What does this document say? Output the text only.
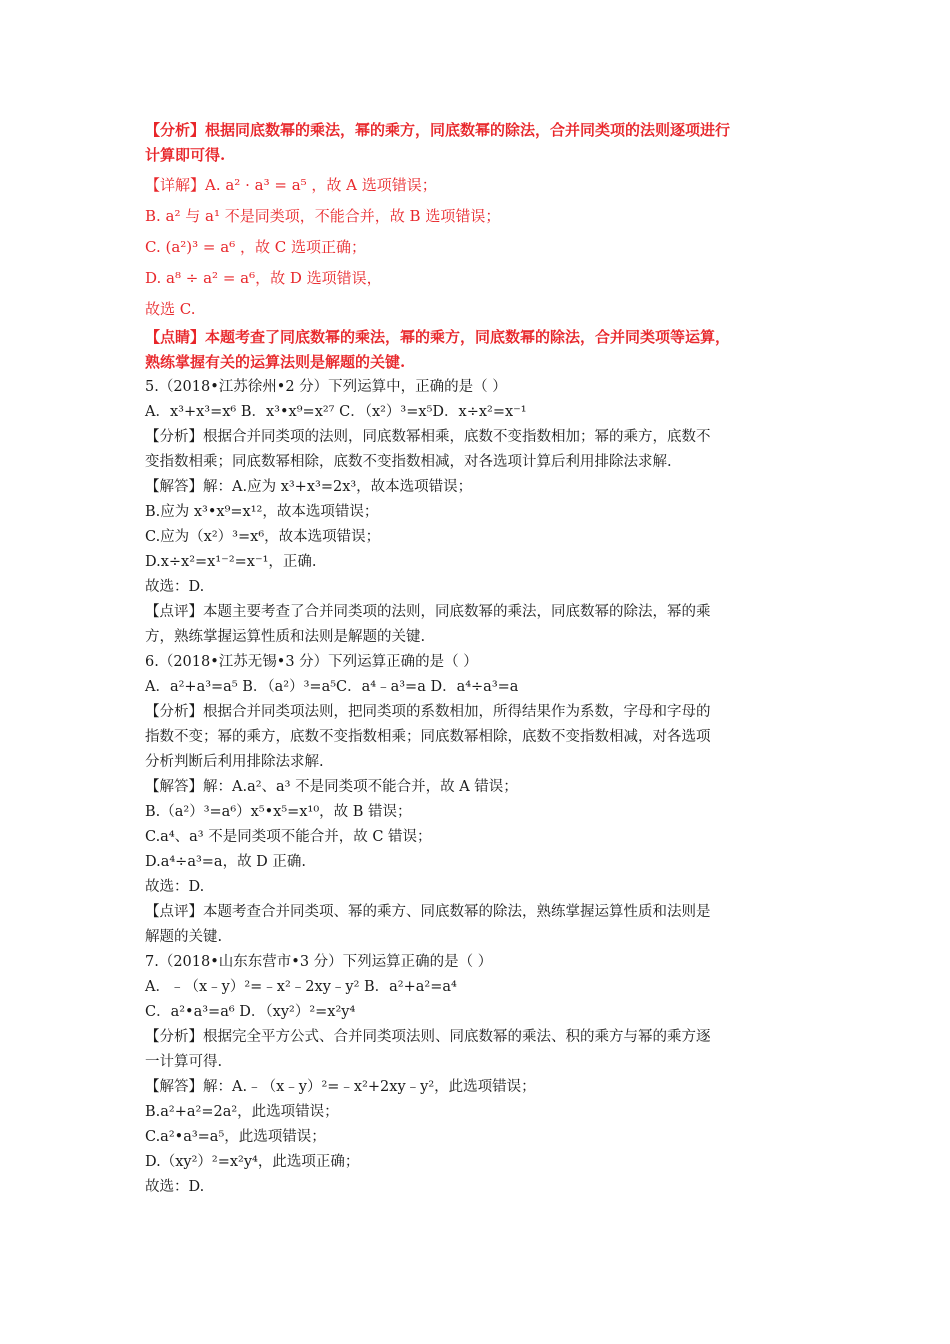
【分析】根据同底数幂的乘法，幂的乘方，同底数幂的除法，合并同类项的法则逐项进行

计算即可得.

【详解】A. a² · a³ = a⁵ ，故 A 选项错误；

B. a² 与 a¹ 不是同类项，不能合并，故 B 选项错误；

C. (a²)³ = a⁶ ，故 C 选项正确；

D. a⁸ ÷ a² = a⁶，故 D 选项错误，

故选 C.

【点睛】本题考查了同底数幂的乘法，幂的乘方，同底数幂的除法，合并同类项等运算，

熟练掌握有关的运算法则是解题的关键.

5.（2018•江苏徐州•2 分）下列运算中，正确的是（ ）

A．x³+x³=x⁶ B．x³•x⁹=x²⁷ C．（x²）³=x⁵D．x÷x²=x⁻¹

【分析】根据合并同类项的法则，同底数幂相乘，底数不变指数相加；幂的乘方，底数不

变指数相乘；同底数幂相除，底数不变指数相减，对各选项计算后利用排除法求解.

【解答】解：A.应为 x³+x³=2x³，故本选项错误；

B.应为 x³•x⁹=x¹²，故本选项错误；

C.应为（x²）³=x⁶，故本选项错误；

D.x÷x²=x¹⁻²=x⁻¹，正确.

故选：D.

【点评】本题主要考查了合并同类项的法则，同底数幂的乘法，同底数幂的除法，幂的乘

方，熟练掌握运算性质和法则是解题的关键.

6.（2018•江苏无锡•3 分）下列运算正确的是（ ）

A．a²+a³=a⁵ B．（a²）³=a⁵C．a⁴﹣a³=a D．a⁴÷a³=a

【分析】根据合并同类项法则，把同类项的系数相加，所得结果作为系数，字母和字母的

指数不变；幂的乘方，底数不变指数相乘；同底数幂相除，底数不变指数相减，对各选项

分析判断后利用排除法求解.

【解答】解：A.a²、a³ 不是同类项不能合并，故 A 错误；

B.（a²）³=a⁶）x⁵•x⁵=x¹⁰，故 B 错误；

C.a⁴、a³ 不是同类项不能合并，故 C 错误；

D.a⁴÷a³=a，故 D 正确.

故选：D.

【点评】本题考查合并同类项、幂的乘方、同底数幂的除法，熟练掌握运算性质和法则是

解题的关键.

7.（2018•山东东营市•3 分）下列运算正确的是（ ）

A．﹣（x﹣y）²=﹣x²﹣2xy﹣y² B．a²+a²=a⁴

C．a²•a³=a⁶ D．（xy²）²=x²y⁴

【分析】根据完全平方公式、合并同类项法则、同底数幂的乘法、积的乘方与幂的乘方逐

一计算可得.

【解答】解：A.﹣（x﹣y）²=﹣x²+2xy﹣y²，此选项错误；

B.a²+a²=2a²，此选项错误；

C.a²•a³=a⁵，此选项错误；

D.（xy²）²=x²y⁴，此选项正确；

故选：D.
